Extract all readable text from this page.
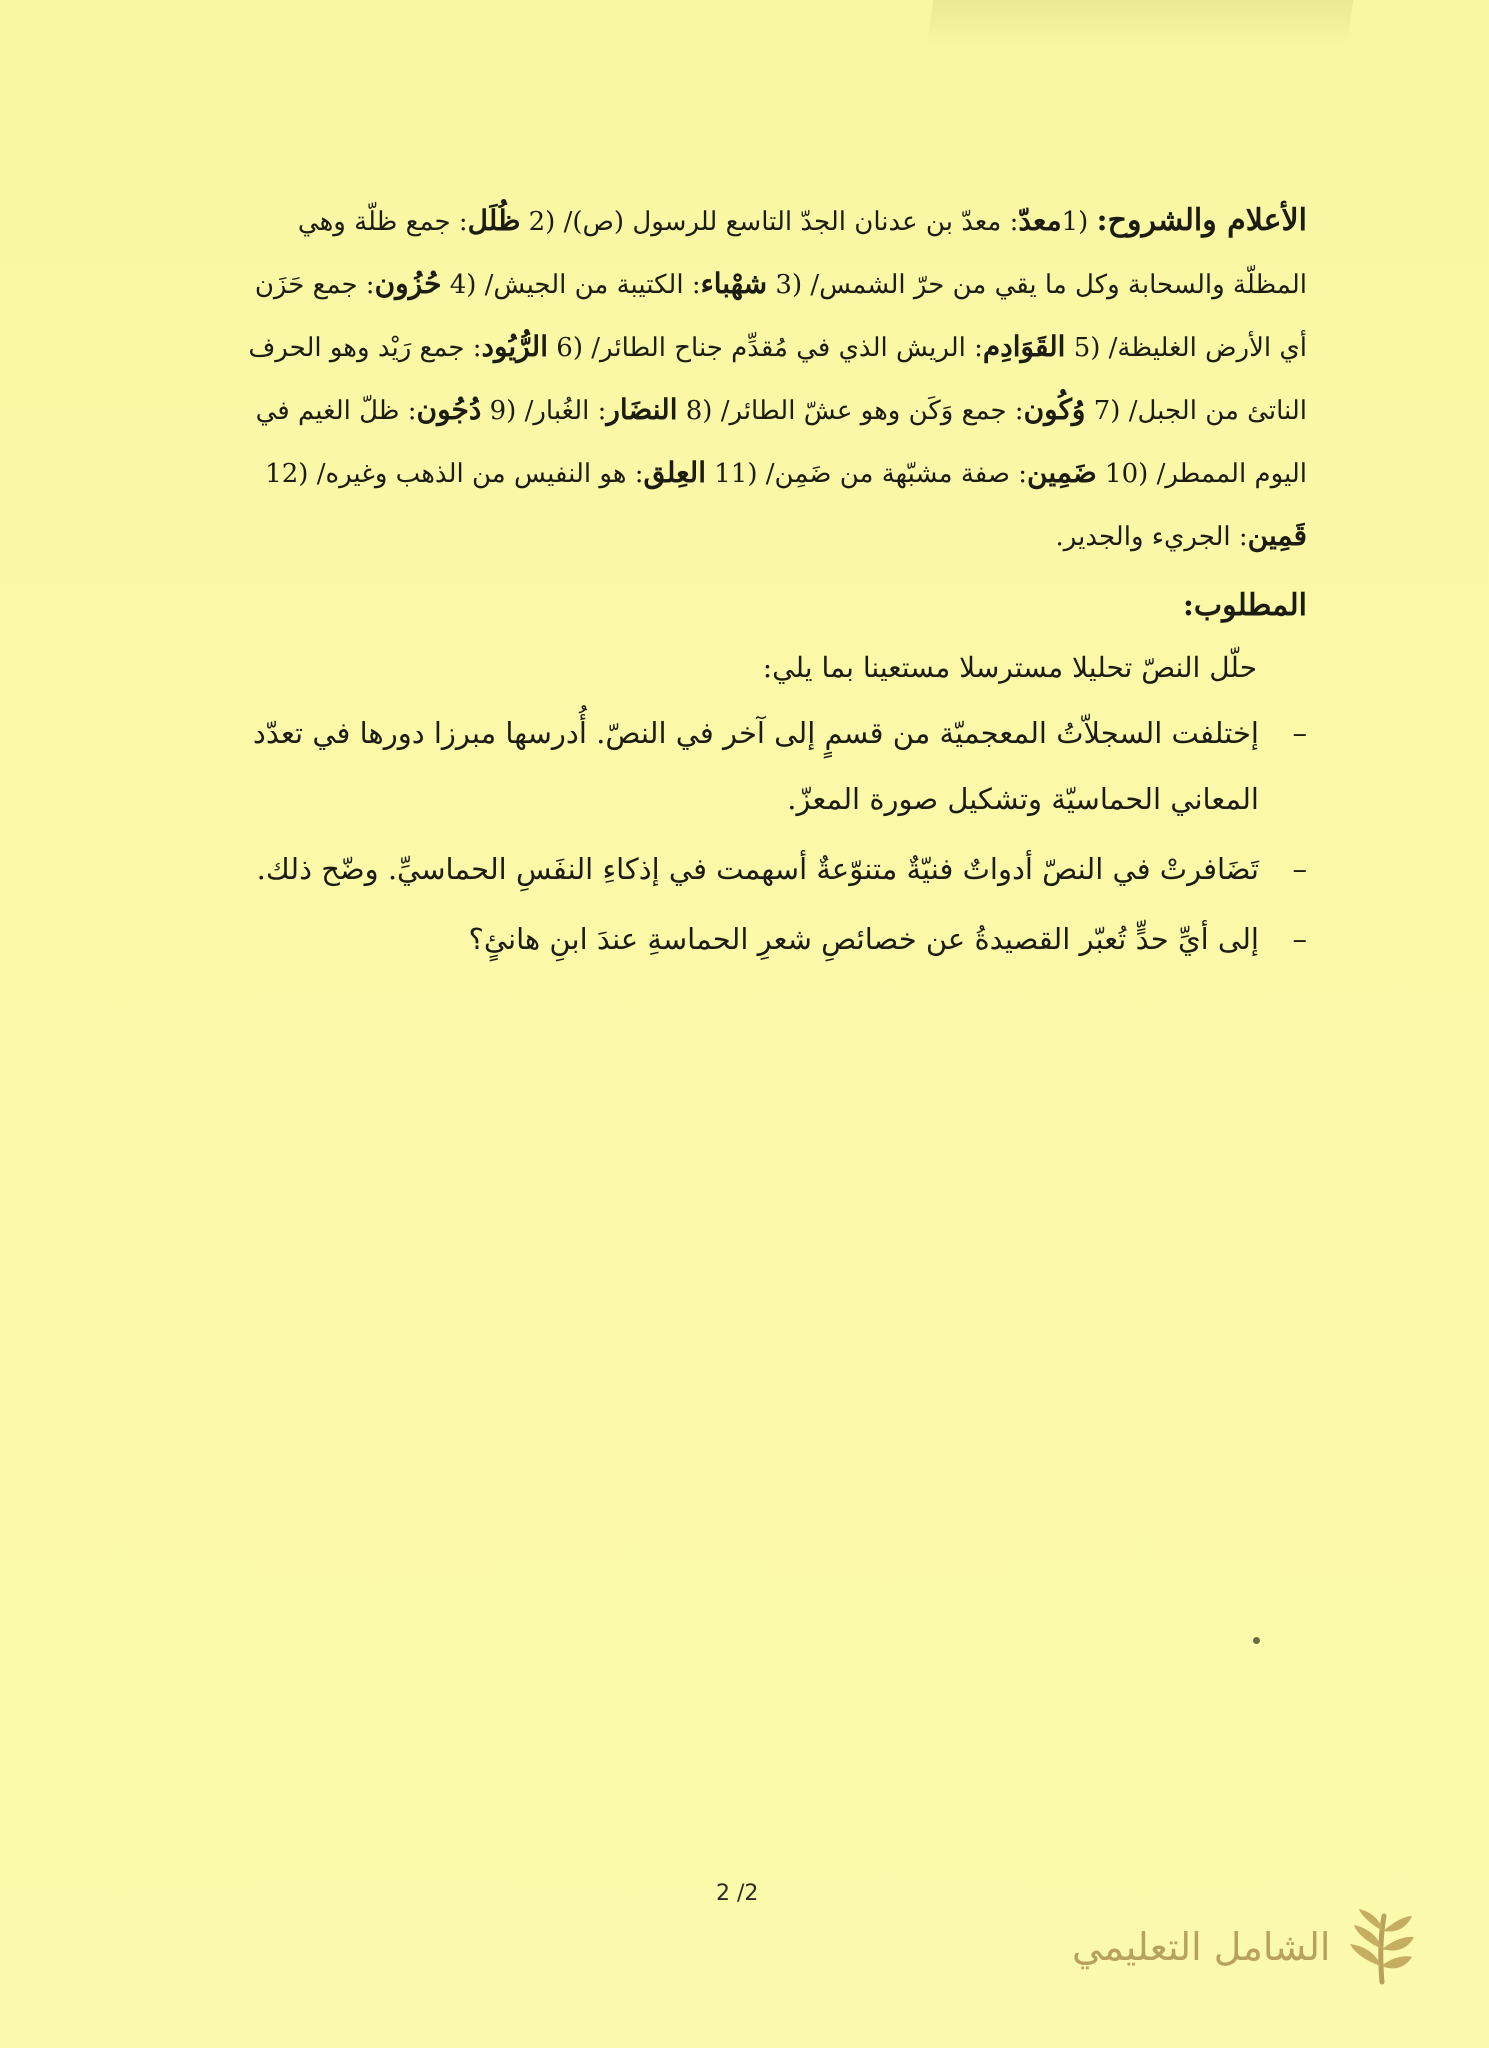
الأعلام والشروح: (1معدّ: معدّ بن عدنان الجدّ التاسع للرسول (ص)/ (2 ظُلَل: جمع ظلّة وهي المظلّة والسحابة وكل ما يقي من حرّ الشمس/ (3 شهْباء: الكتيبة من الجيش/ (4 حُزُون: جمع حَزَن أي الأرض الغليظة/ (5 القَوَادِم: الريش الذي في مُقدِّم جناح الطائر/ (6 الرُّيُود: جمع رَيْد وهو الحرف الناتئ من الجبل/ (7 وُكُون: جمع وَكَن وهو عشّ الطائر/ (8 النضَار: الغُبار/ (9 دُجُون: ظلّ الغيم في اليوم الممطر/ (10 ضَمِين: صفة مشبّهة من ضَمِن/ (11 العِلق: هو النفيس من الذهب وغيره/ (12 قَمِين: الجريء والجدير.
المطلوب:
حلّل النصّ تحليلا مسترسلا مستعينا بما يلي:
–
إختلفت السجلاّتُ المعجميّة من قسمٍ إلى آخر في النصّ. أُدرسها مبرزا دورها في تعدّد المعاني الحماسيّة وتشكيل صورة المعزّ.
–
تَضَافرتْ في النصّ أدواتٌ فنيّةٌ متنوّعةٌ أسهمت في إذكاءِ النفَسِ الحماسيِّ. وضّح ذلك.
–
إلى أيِّ حدٍّ تُعبّر القصيدةُ عن خصائصِ شعرِ الحماسةِ عندَ ابنِ هانئٍ؟
2 /2
الشامل التعليمي
